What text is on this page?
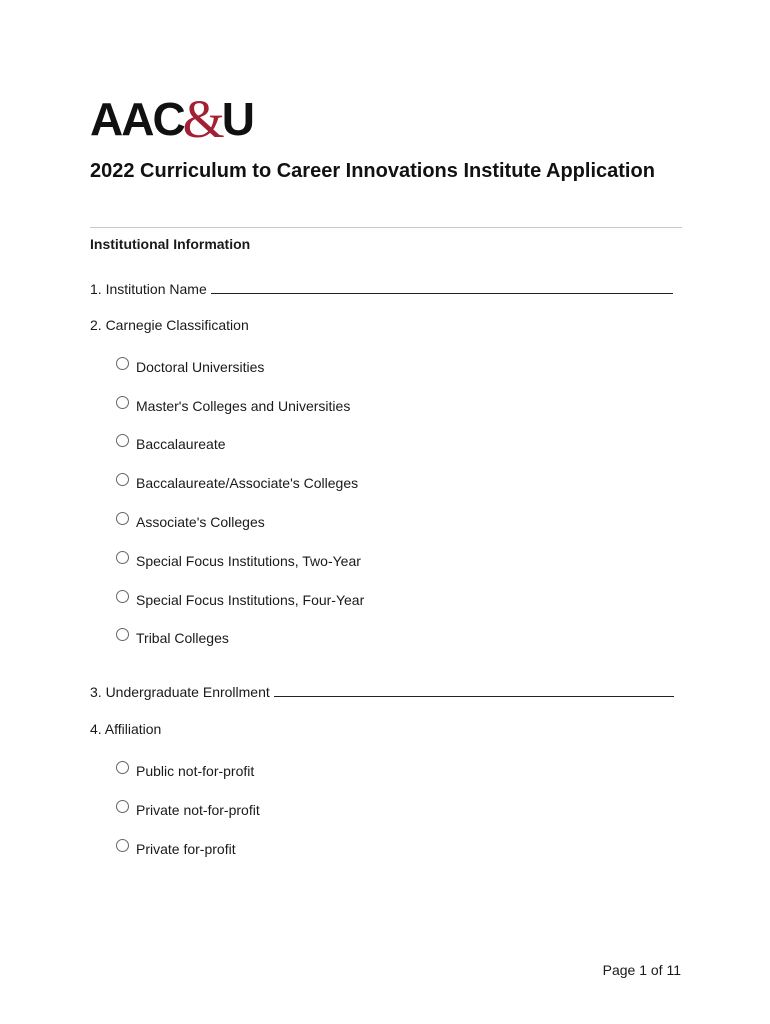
AAC &
U
2022 Curriculum to Career Innovations Institute Application
Institutional Information
1. Institution Name
2. Carnegie Classification
Doctoral Universities
Master's Colleges and Universities
Baccalaureate
Baccalaureate/Associate's Colleges
Associate's Colleges
Special Focus Institutions, Two-Year
Special Focus Institutions, Four-Year
Tribal Colleges
3. Undergraduate Enrollment
4. Affiliation
Public not-for-profit
Private not-for-profit
Private for-profit
Page 1 of 11
